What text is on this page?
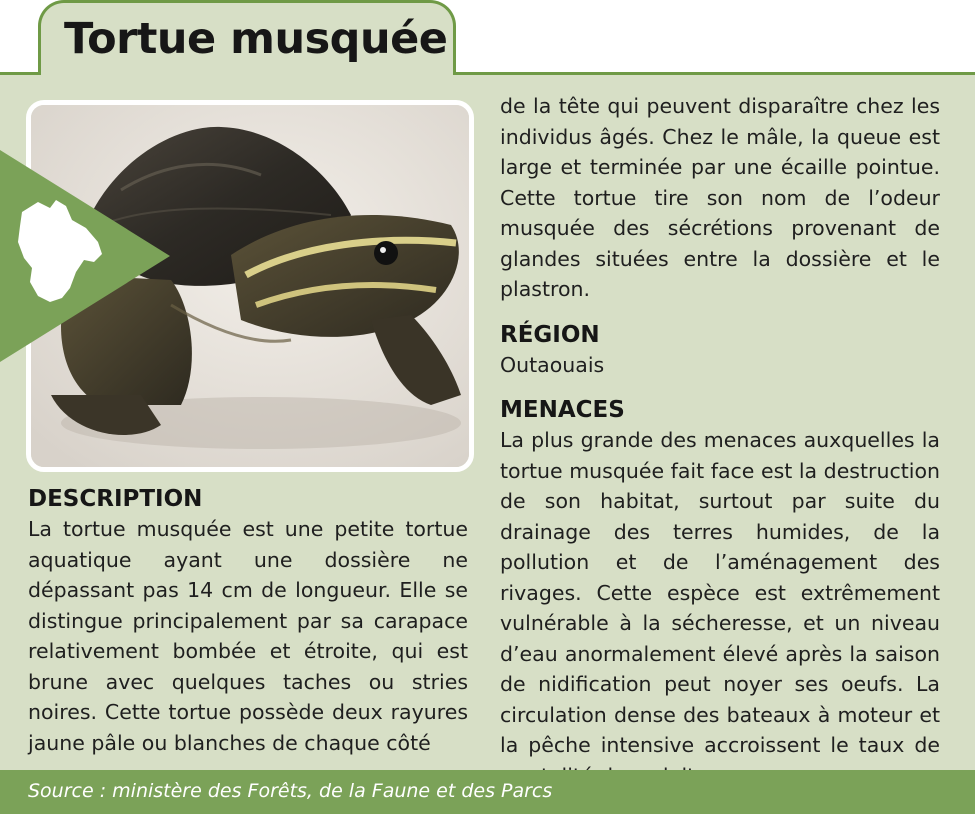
Tortue musquée
DESCRIPTION

La tortue musquée est une petite tortue aquatique ayant une dossière ne dépassant pas 14 cm de longueur. Elle se distingue principalement par sa carapace relativement bombée et étroite, qui est brune avec quelques taches ou stries noires. Cette tortue possède deux rayures jaune pâle ou blanches de chaque côté

de la tête qui peuvent disparaître chez les individus âgés. Chez le mâle, la queue est large et terminée par une écaille pointue. Cette tortue tire son nom de l’odeur musquée des sécrétions provenant de glandes situées entre la dossière et le plastron.

RÉGION

Outaouais

MENACES

La plus grande des menaces auxquelles la tortue musquée fait face est la destruction de son habitat, surtout par suite du drainage des terres humides, de la pollution et de l’aménagement des rivages. Cette espèce est extrêmement vulnérable à la sécheresse, et un niveau d’eau anormalement élevé après la saison de nidification peut noyer ses oeufs. La circulation dense des bateaux à moteur et la pêche intensive accroissent le taux de

Source : ministère des Forêts, de la Faune et des Parcs
